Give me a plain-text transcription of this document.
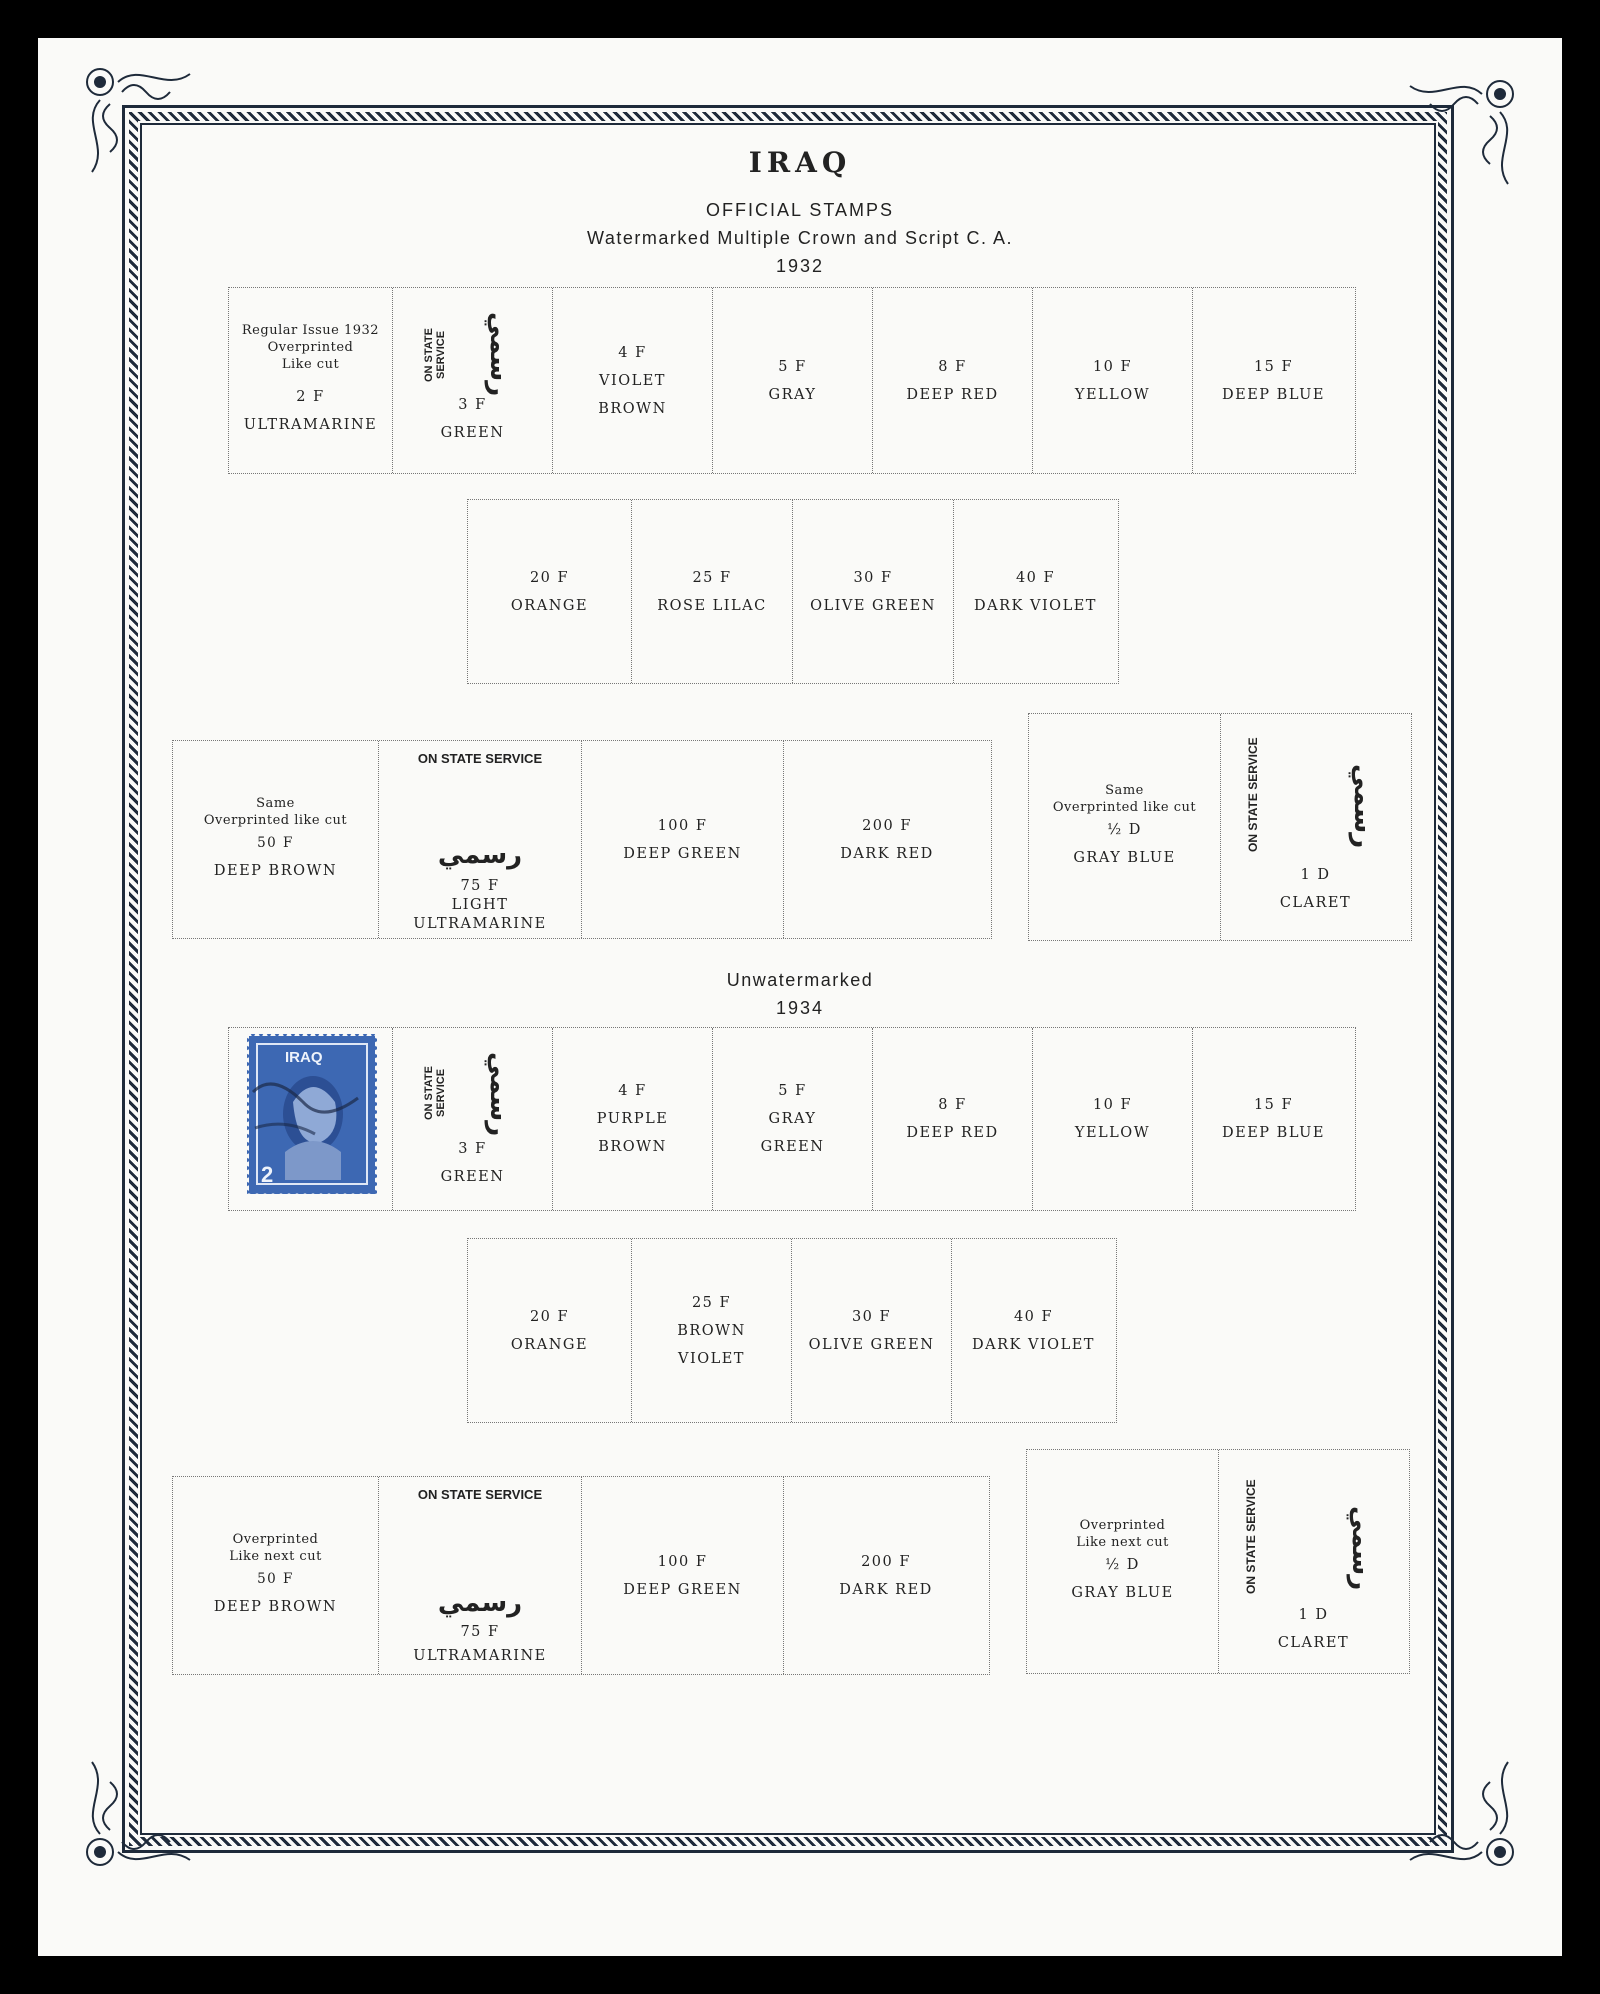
IRAQ
OFFICIAL STAMPS
Watermarked Multiple Crown and Script C. A.
1932
Regular Issue 1932
Overprinted
Like cut
2 F
ULTRAMARINE
ON STATE
SERVICE رسمي
3 F
GREEN
4 F
VIOLET
BROWN
5 F
GRAY
8 F
DEEP RED
10 F
YELLOW
15 F
DEEP BLUE
20 F
ORANGE
25 F
ROSE LILAC
30 F
OLIVE GREEN
40 F
DARK VIOLET
Same
Overprinted like cut
50 F
DEEP BROWN
ON STATE SERVICE
رسمي
75 F
LIGHT
ULTRAMARINE
100 F
DEEP GREEN
200 F
DARK RED
Same
Overprinted like cut
½ D
GRAY BLUE
ON STATE SERVICE	رسمي
1 D
CLARET
Unwatermarked
1934
ON STATE
SERVICE رسمي
3 F
GREEN
4 F
PURPLE
BROWN
5 F
GRAY
GREEN
8 F
DEEP RED
10 F
YELLOW
15 F
DEEP BLUE
IRAQ
2
20 F
ORANGE
25 F
BROWN
VIOLET
30 F
OLIVE GREEN
40 F
DARK VIOLET
Overprinted
Like next cut
50 F
DEEP BROWN
ON STATE SERVICE
رسمي
75 F
ULTRAMARINE
100 F
DEEP GREEN
200 F
DARK RED
Overprinted
Like next cut
½ D
GRAY BLUE	ON STATE SERVICE	رسمي
1 D
CLARET
